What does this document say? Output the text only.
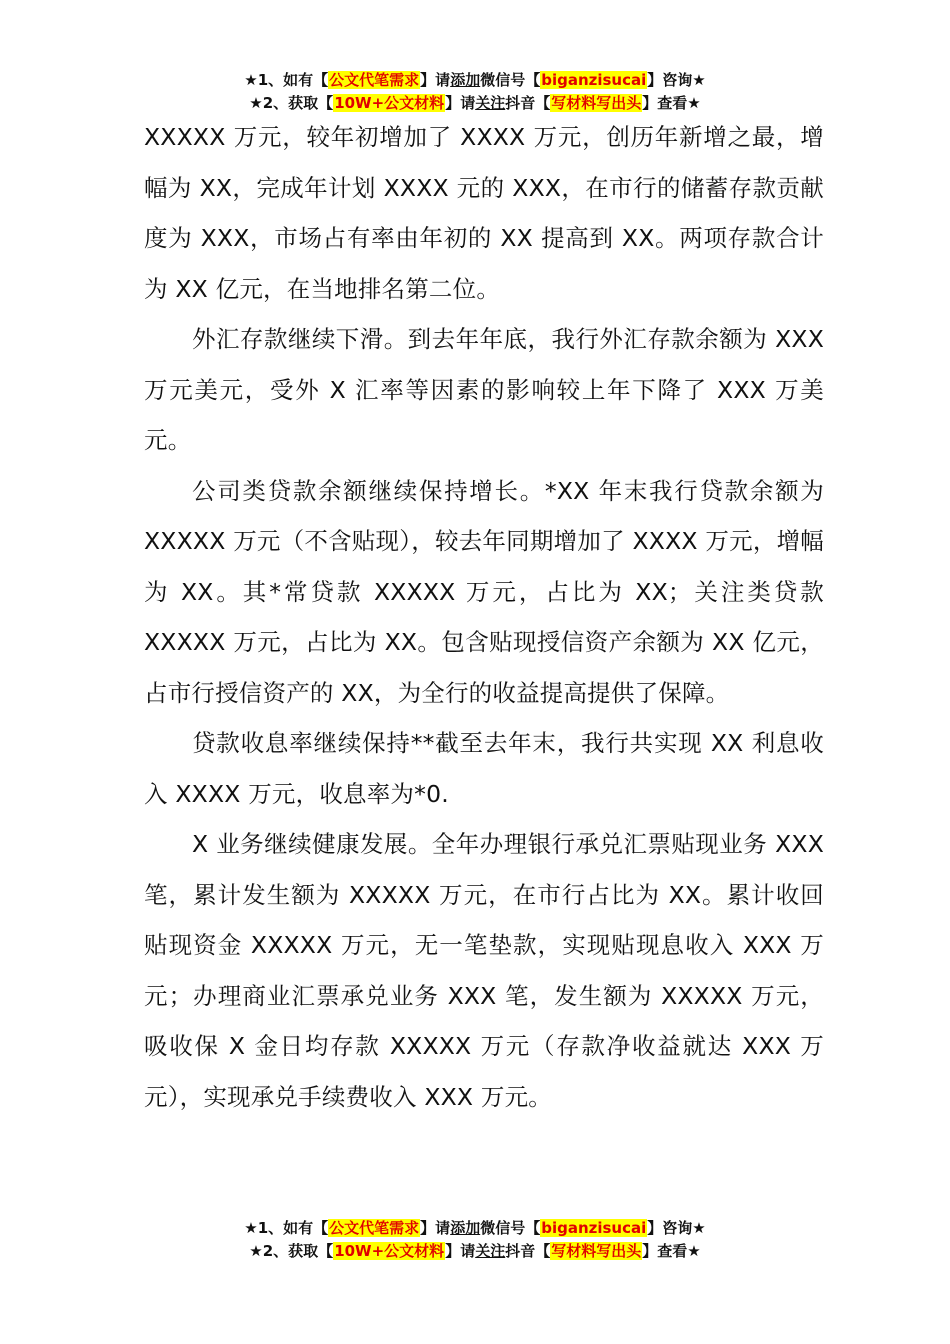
★1、如有【公文代笔需求】请添加微信号【biganzisucai】咨询★
★2、获取【10W+公文材料】请关注抖音【写材料写出头】查看★

XXXXX 万元，较年初增加了 XXXX 万元，创历年新增之最，增幅为 XX，完成年计划 XXXX 元的 XXX，在市行的储蓄存款贡献度为 XXX，市场占有率由年初的 XX 提高到 XX。两项存款合计为 XX 亿元，在当地排名第二位。

外汇存款继续下滑。到去年年底，我行外汇存款余额为 XXX 万元美元，受外 X 汇率等因素的影响较上年下降了 XXX 万美元。

公司类贷款余额继续保持增长。*XX 年末我行贷款余额为 XXXXX 万元（不含贴现），较去年同期增加了 XXXX 万元，增幅为 XX。其*常贷款 XXXXX 万元，占比为 XX；关注类贷款 XXXXX 万元，占比为 XX。包含贴现授信资产余额为 XX 亿元，占市行授信资产的 XX，为全行的收益提高提供了保障。

贷款收息率继续保持**截至去年末，我行共实现 XX 利息收入 XXXX 万元，收息率为*0.

X 业务继续健康发展。全年办理银行承兑汇票贴现业务 XXX 笔，累计发生额为 XXXXX 万元，在市行占比为 XX。累计收回贴现资金 XXXXX 万元，无一笔垫款，实现贴现息收入 XXX 万元；办理商业汇票承兑业务 XXX 笔，发生额为 XXXXX 万元，吸收保 X 金日均存款 XXXXX 万元（存款净收益就达 XXX 万元），实现承兑手续费收入 XXX 万元。

★1、如有【公文代笔需求】请添加微信号【biganzisucai】咨询★
★2、获取【10W+公文材料】请关注抖音【写材料写出头】查看★
